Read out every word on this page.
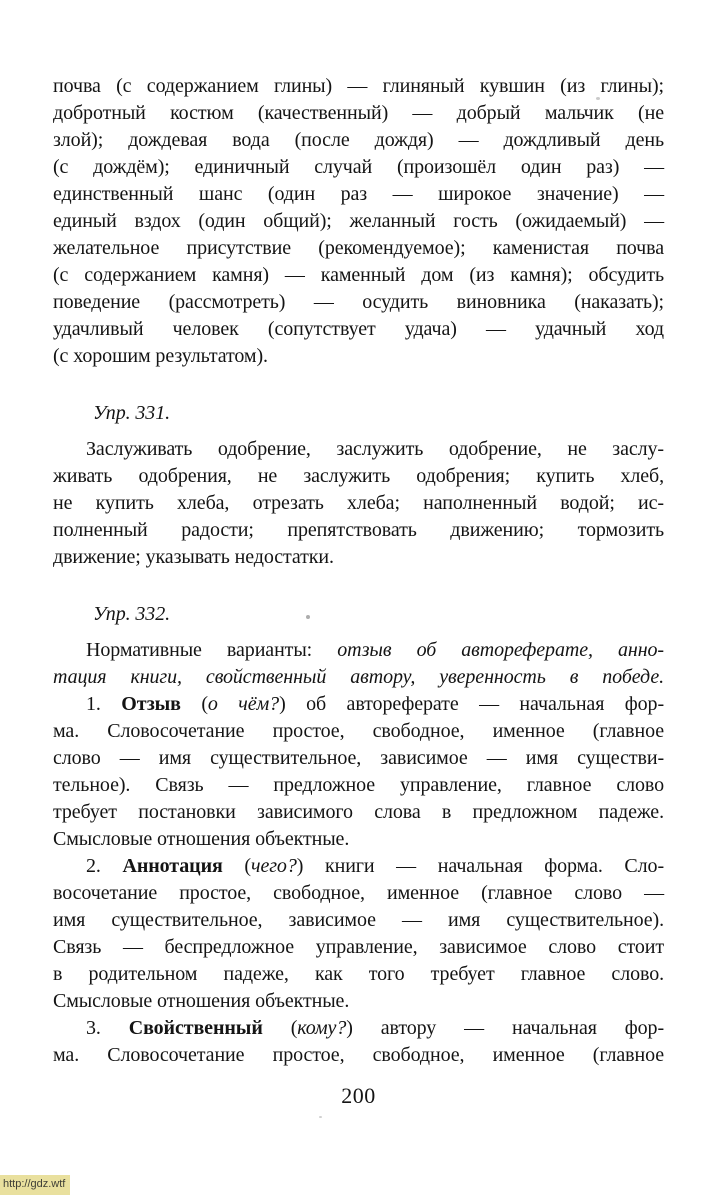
почва (с содержанием глины) — глиняный кувшин (из глины);
добротный костюм (качественный) — добрый мальчик (не
злой); дождевая вода (после дождя) — дождливый день
(с дождём); единичный случай (произошёл один раз) —
единственный шанс (один раз — широкое значение) —
единый вздох (один общий); желанный гость (ожидаемый) —
желательное присутствие (рекомендуемое); каменистая почва
(с содержанием камня) — каменный дом (из камня); обсудить
поведение (рассмотреть) — осудить виновника (наказать);
удачливый человек (сопутствует удача) — удачный ход
(с хорошим результатом).
Упр. 331.
Заслуживать одобрение, заслужить одобрение, не заслу-
живать одобрения, не заслужить одобрения; купить хлеб,
не купить хлеба, отрезать хлеба; наполненный водой; ис-
полненный радости; препятствовать движению; тормозить
движение; указывать недостатки.
Упр. 332.
Нормативные варианты: отзыв об автореферате, анно-
тация книги, свойственный автору, уверенность в победе.
1. Отзыв (о чём?) об автореферате — начальная фор-
ма. Словосочетание простое, свободное, именное (главное
слово — имя существительное, зависимое — имя существи-
тельное). Связь — предложное управление, главное слово
требует постановки зависимого слова в предложном падеже.
Смысловые отношения объектные.
2. Аннотация (чего?) книги — начальная форма. Сло-
восочетание простое, свободное, именное (главное слово —
имя существительное, зависимое — имя существительное).
Связь — беспредложное управление, зависимое слово стоит
в родительном падеже, как того требует главное слово.
Смысловые отношения объектные.
3. Свойственный (кому?) автору — начальная фор-
ма. Словосочетание простое, свободное, именное (главное
200
http://gdz.wtf
